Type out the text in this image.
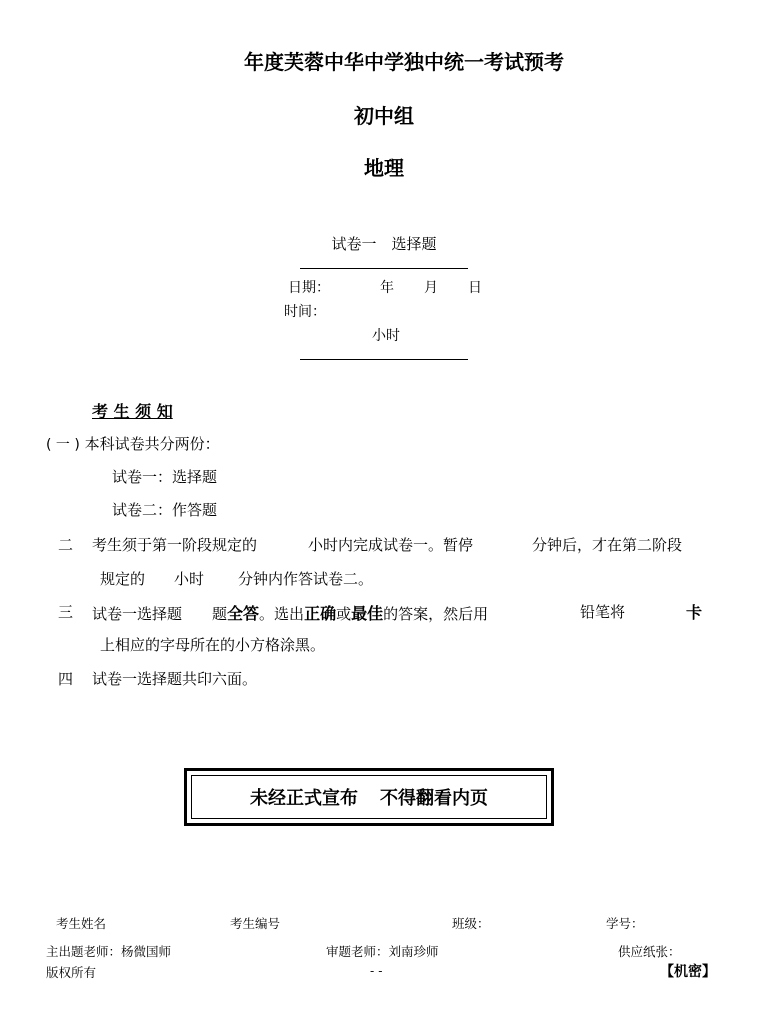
年度芙蓉中华中学独中统一考试预考
初中组
地理
试卷一　选择题
日期：	年 月 日
时间：
小时
考 生 须 知
( 一 ) 本科试卷共分两份：
试卷一：选择题
试卷二：作答题
二 考生须于第一阶段规定的	小时内完成试卷一。暂停	分钟后，才在第二阶段
规定的 小时 分钟内作答试卷二。
三 试卷一选择题 题全答。选出正确或最佳的答案，然后用	铅笔将	卡
上相应的字母所在的小方格涂黑。
四 试卷一选择题共印六面。
未经正式宣布 不得翻看内页
考生姓名	考生编号	班级：	学号：
主出题老师：杨微国师	审题老师：刘南珍师	供应纸张：
版权所有	- -	【机密】
